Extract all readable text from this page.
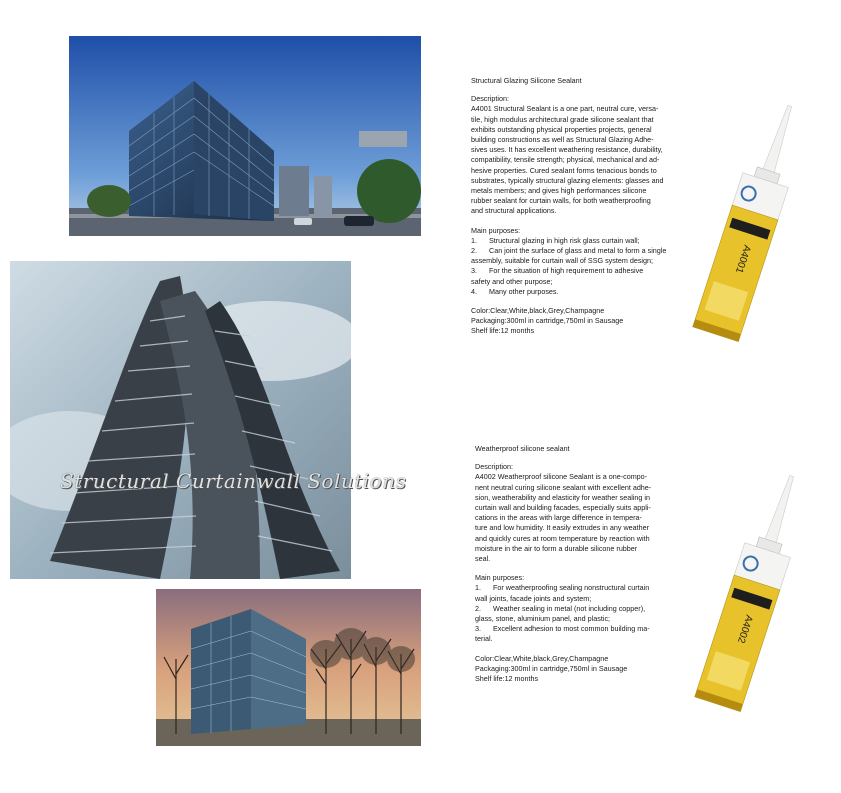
Structural Curtainwall Solutions

Structural Glazing Silicone Sealant

Description:

A4001 Structural Sealant is a one part, neutral cure, versa-

tile, high modulus architectural grade silicone sealant that

exhibits outstanding physical properties projects, general

building constructions as well as Structural Glazing Adhe-

sives uses. It has excellent weathering resistance, durability,

compatibility, tensile strength; physical, mechanical and ad-

hesive properties. Cured sealant forms tenacious bonds to

substrates, typically structural glazing elements: glasses and

metals members; and gives high performances silicone

rubber sealant for curtain walls, for both weatherproofing

and structural applications.

Main purposes:

1.	Structural glazing in high risk glass curtain wall;
2.	Can joint the surface of glass and metal to form a single

assembly, suitable for curtain wall of SSG system design;

3.	For the situation of high requirement to adhesive

safety and other purpose;

4.	Many other purposes.

Color:Clear,White,black,Grey,Champagne

Packaging:300ml in cartridge,750ml in Sausage

Shelf life:12 months

A4001

Weatherproof silicone sealant

Description:

A4002 Weatherproof silicone Sealant is a one-compo-

nent neutral curing silicone sealant with excellent adhe-

sion, weatherability and elasticity for weather sealing in

curtain wall and building facades, especially suits appli-

cations in the areas with large difference in tempera-

ture and low humidity. It easily extrudes in any weather

and quickly cures at room temperature by reaction with

moisture in the air to form a durable silicone rubber

seal.

Main purposes:

1.	For weatherproofing sealing nonstructural curtain

wall joints, facade joints and system;

2.	Weather sealing in metal (not including copper),

glass, stone, aluminium panel, and plastic;

3.	Excellent adhesion to most common building ma-

terial.

Color:Clear,White,black,Grey,Champagne

Packaging:300ml in cartridge,750ml in Sausage

Shelf life:12 months

A4002
